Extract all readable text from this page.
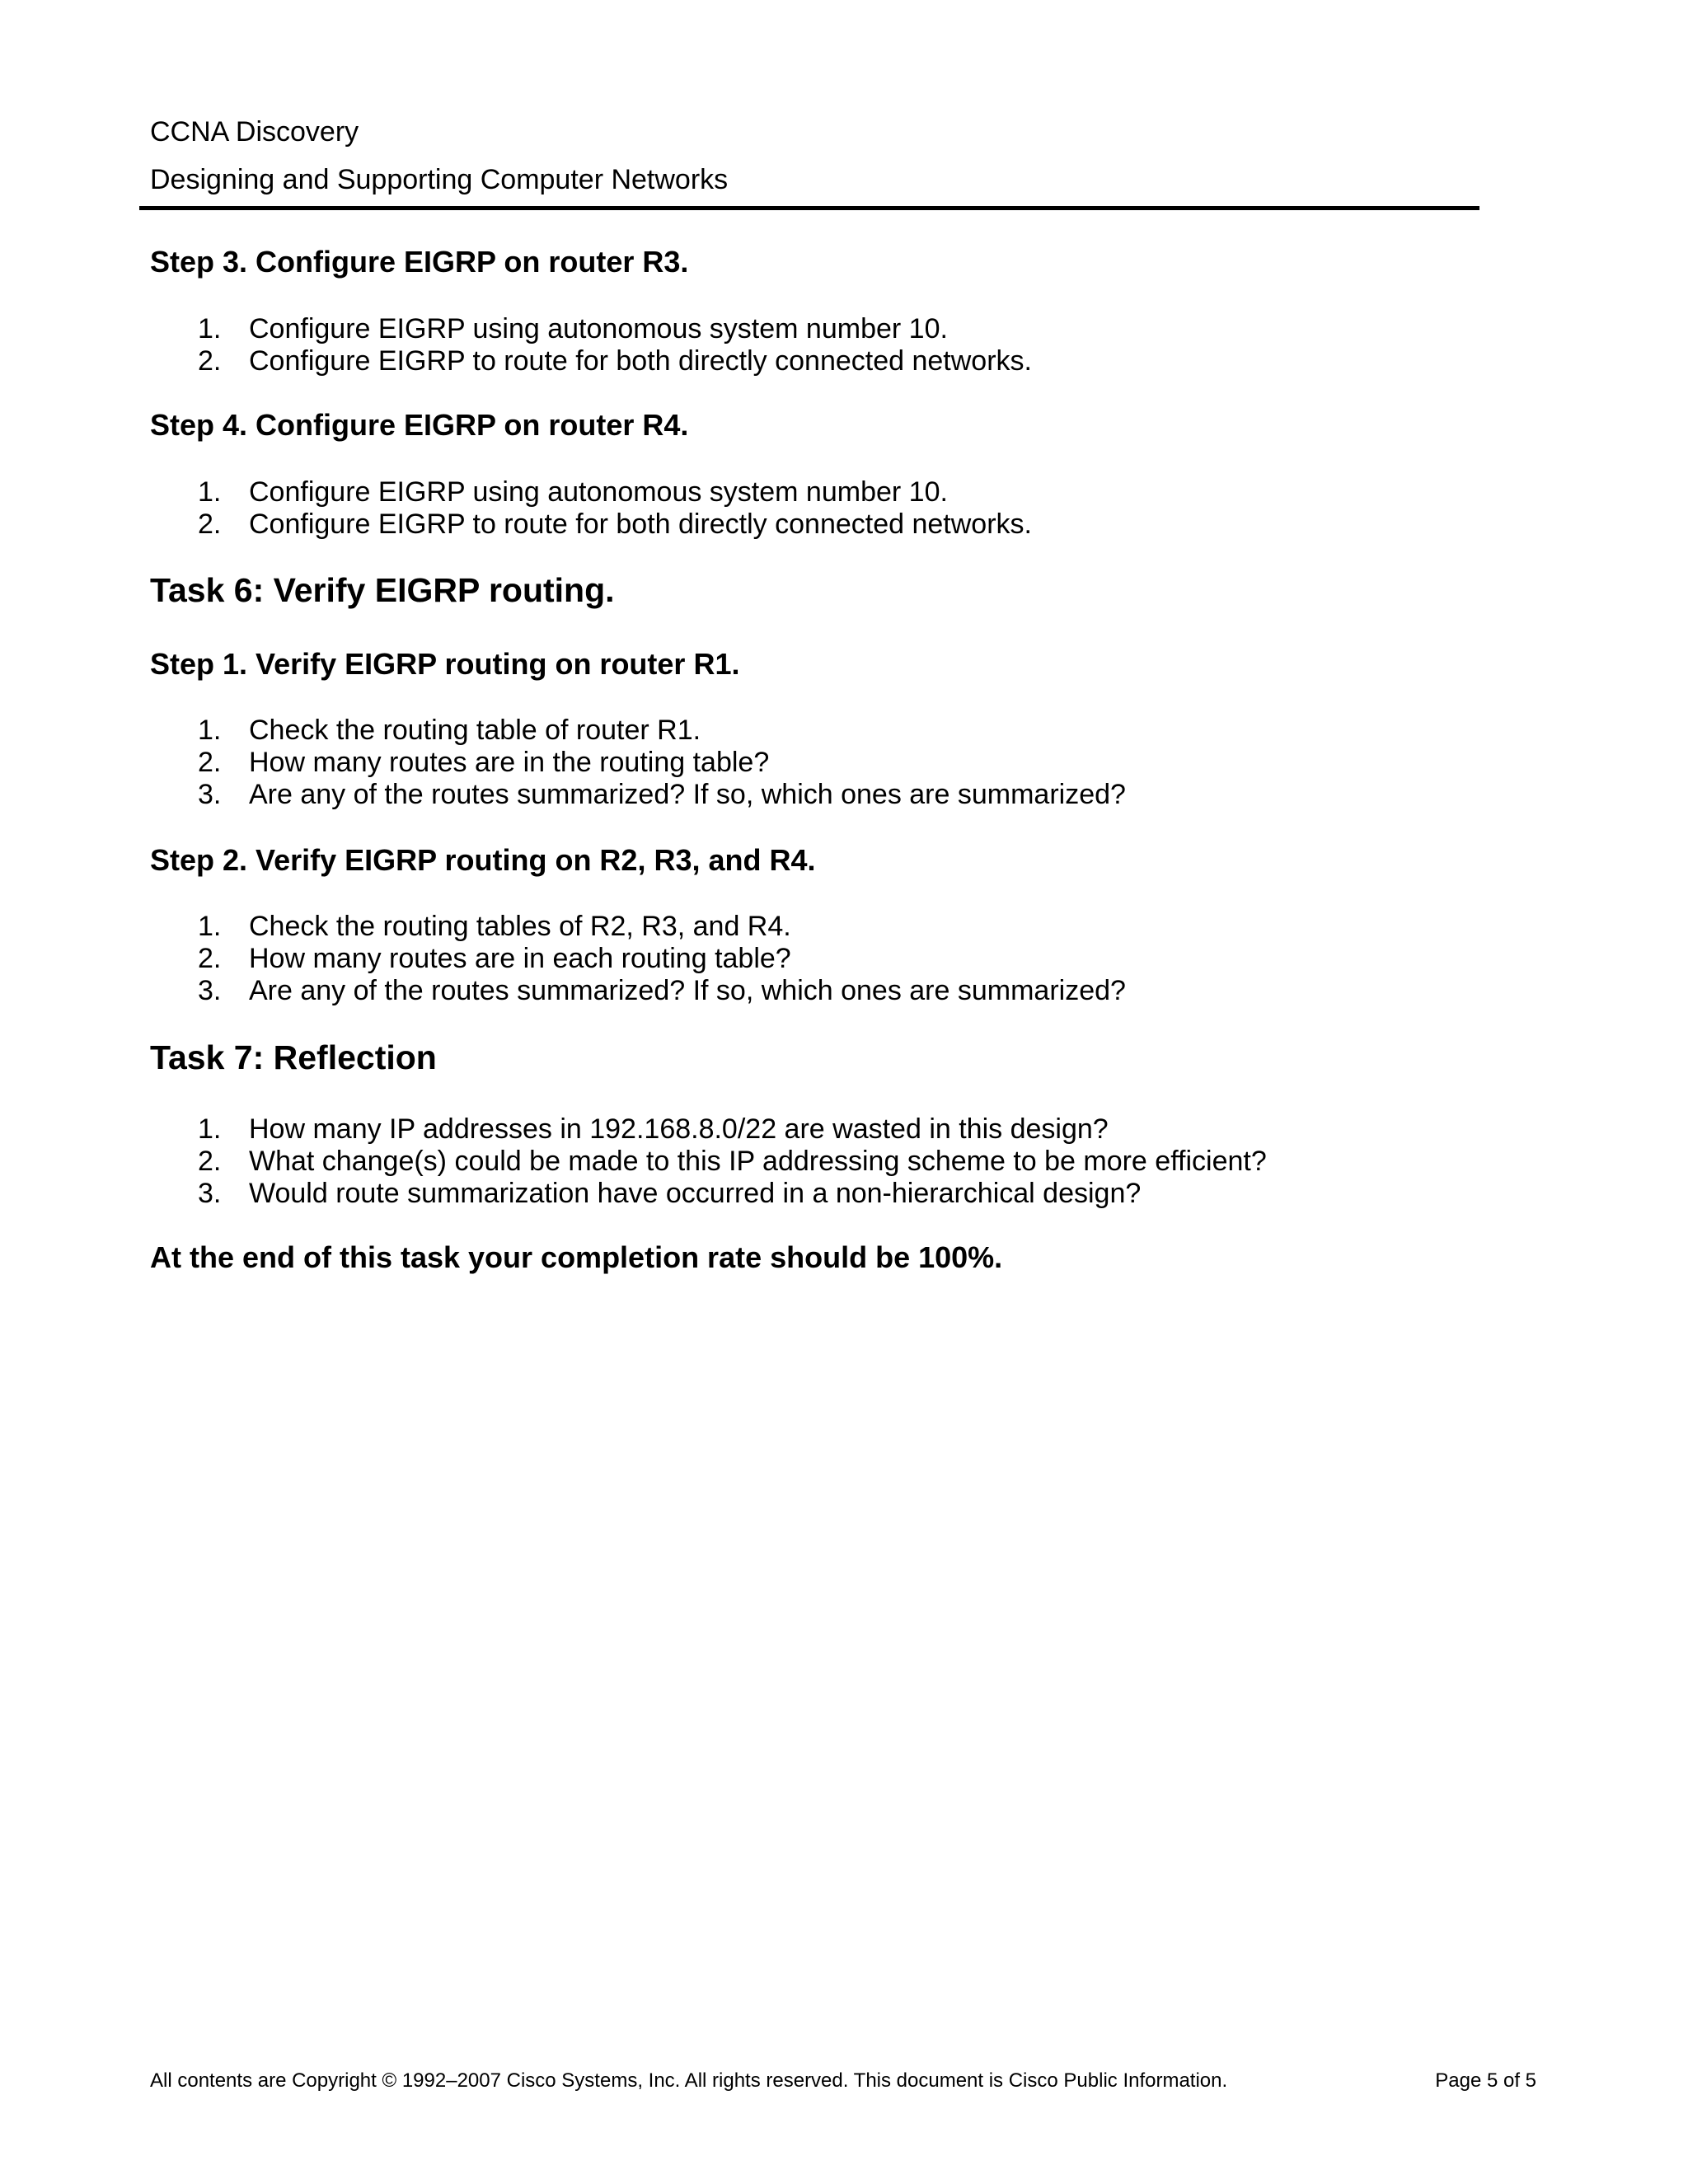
CCNA Discovery
Designing and Supporting Computer Networks
Step 3. Configure EIGRP on router R3.
1. Configure EIGRP using autonomous system number 10.
2. Configure EIGRP to route for both directly connected networks.
Step 4. Configure EIGRP on router R4.
1. Configure EIGRP using autonomous system number 10.
2. Configure EIGRP to route for both directly connected networks.
Task 6: Verify EIGRP routing.
Step 1. Verify EIGRP routing on router R1.
1. Check the routing table of router R1.
2. How many routes are in the routing table?
3. Are any of the routes summarized? If so, which ones are summarized?
Step 2. Verify EIGRP routing on R2, R3, and R4.
1. Check the routing tables of R2, R3, and R4.
2. How many routes are in each routing table?
3. Are any of the routes summarized? If so, which ones are summarized?
Task 7: Reflection
1. How many IP addresses in 192.168.8.0/22 are wasted in this design?
2. What change(s) could be made to this IP addressing scheme to be more efficient?
3. Would route summarization have occurred in a non-hierarchical design?
At the end of this task your completion rate should be 100%.
All contents are Copyright © 1992–2007 Cisco Systems, Inc. All rights reserved. This document is Cisco Public Information.	Page 5 of 5
